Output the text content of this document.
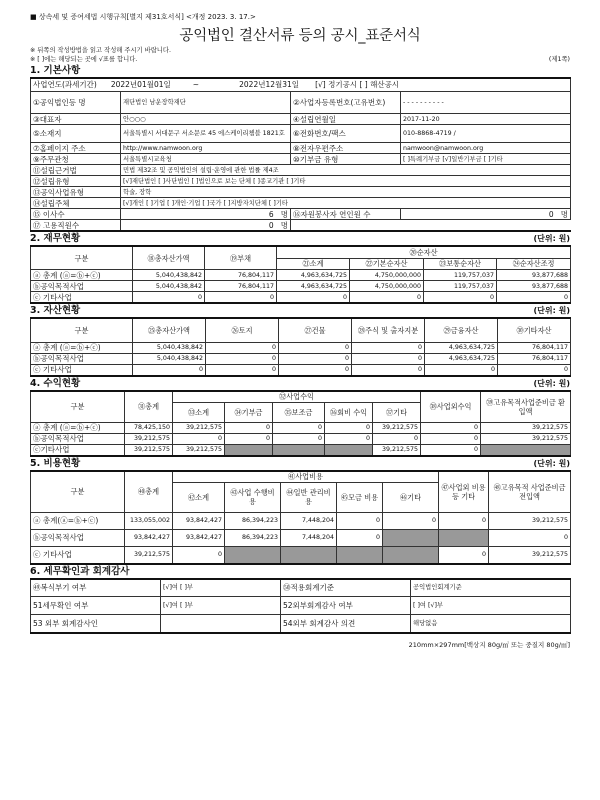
■ 상속세 및 증여세법 시행규칙[별지 제31호서식] <개정 2023. 3. 17.>
공익법인 결산서류 등의 공시_표준서식
※ 뒤쪽의 작성방법을 읽고 작성해 주시기 바랍니다.
※ [ ]에는 해당되는 곳에 √표를 합니다.	(제1쪽)
1. 기본사항
사업연도(과세기간) 2022년01월01일 ~ 2022년12월31일 [√] 정기공시 [ ] 해산공시			
①공익법인등 명	재단법인 남운장학재단	②사업자등록번호(고유번호)	- - - - - - - - - -
③대표자	안○○○	④설립연월일	2017-11-20
⑤소재지	서울특별시 서대문구 서소문로 45 에스케이리쳄블 1821호	⑥전화번호/팩스	010-8868-4719 /
⑦홈페이지 주소	http://www.namwoon.org	⑧전자우편주소	namwoon@namwoon.org
⑨주무관청	서울특별시교육청	⑩기부금 유형	[ ]특례기부금 [√]일반기부금 [ ]기타
⑪설립근거법	민법 제32조 및 공익법인의 설립·운영에 관한 법률 제4조		
⑫설립유형	[√]재단법인 [ ]사단법인 [ ]법인으로 보는 단체 [ ]종교기관 [ ]기타		
⑬공익사업유형	학술, 장학		
⑭설립주체	[√]개인 [ ]기업 [ ]개인·기업 [ ]국가 [ ]지방자치단체 [ ]기타		
⑮ 이사수	6 명	⑯자원봉사자 연인원 수	0 명
⑰ 고용직원수	0 명		
2. 재무현황	(단위: 원)
구분	⑱총자산가액	⑲부채	⑳순자산			
			㉑소계	㉒기본순자산	㉓보통순자산	㉔순자산조정
ⓐ 총계 (ⓐ=ⓑ+ⓒ)	5,040,438,842	76,804,117	4,963,634,725	4,750,000,000	119,757,037	93,877,688
ⓑ공익목적사업	5,040,438,842	76,804,117	4,963,634,725	4,750,000,000	119,757,037	93,877,688
ⓒ 기타사업	0	0	0	0	0	0
3. 자산현황	(단위: 원)
구분	㉕총자산가액	㉖토지	㉗건물	㉘주식 및 출자지분	㉙금융자산	㉚기타자산
ⓐ 총계 (ⓐ=ⓑ+ⓒ)	5,040,438,842	0	0	0	4,963,634,725	76,804,117
ⓑ공익목적사업	5,040,438,842	0	0	0	4,963,634,725	76,804,117
ⓒ 기타사업	0	0	0	0	0	0
4. 수익현황	(단위: 원)
구분	㉛총계	㉜사업수익					㊳사업외수익	㊴고유목적사업준비금 환입액
		㉝소계	㉞기부금	㉟보조금	㊱회비 수익	㊲기타		
ⓐ 총계 (ⓐ=ⓑ+ⓒ)	78,425,150	39,212,575	0	0	0	39,212,575	0	39,212,575
ⓑ공익목적사업	39,212,575	0	0	0	0	0	0	39,212,575
ⓒ기타사업	39,212,575	39,212,575				39,212,575	0	
5. 비용현황	(단위: 원)
구분	㊵총계	㊶사업비용					㊼사업외 비용 등 기타	㊽고유목적 사업준비금전입액
		㊷소계	㊸사업 수행비용	㊹일반 관리비용	㊺모금 비용	㊻기타		
ⓐ 총계(ⓐ=ⓑ+ⓒ)	133,055,002	93,842,427	86,394,223	7,448,204	0	0	0	39,212,575
ⓑ공익목적사업	93,842,427	93,842,427	86,394,223	7,448,204	0			0
ⓒ 기타사업	39,212,575	0					0	39,212,575
6. 세무확인과 회계감사
㊾복식부기 여부	[√]여 [ ]부	㊿적용회계기준	공익법인회계기준
51세무확인 여부	[√]여 [ ]부	52외부회계감사 여부	[ ]여 [√]부
53 외부 회계감사인		54외부 회계감사 의견	해당없음
210mm×297mm[백상지 80g/㎡ 또는 중질지 80g/㎡]
